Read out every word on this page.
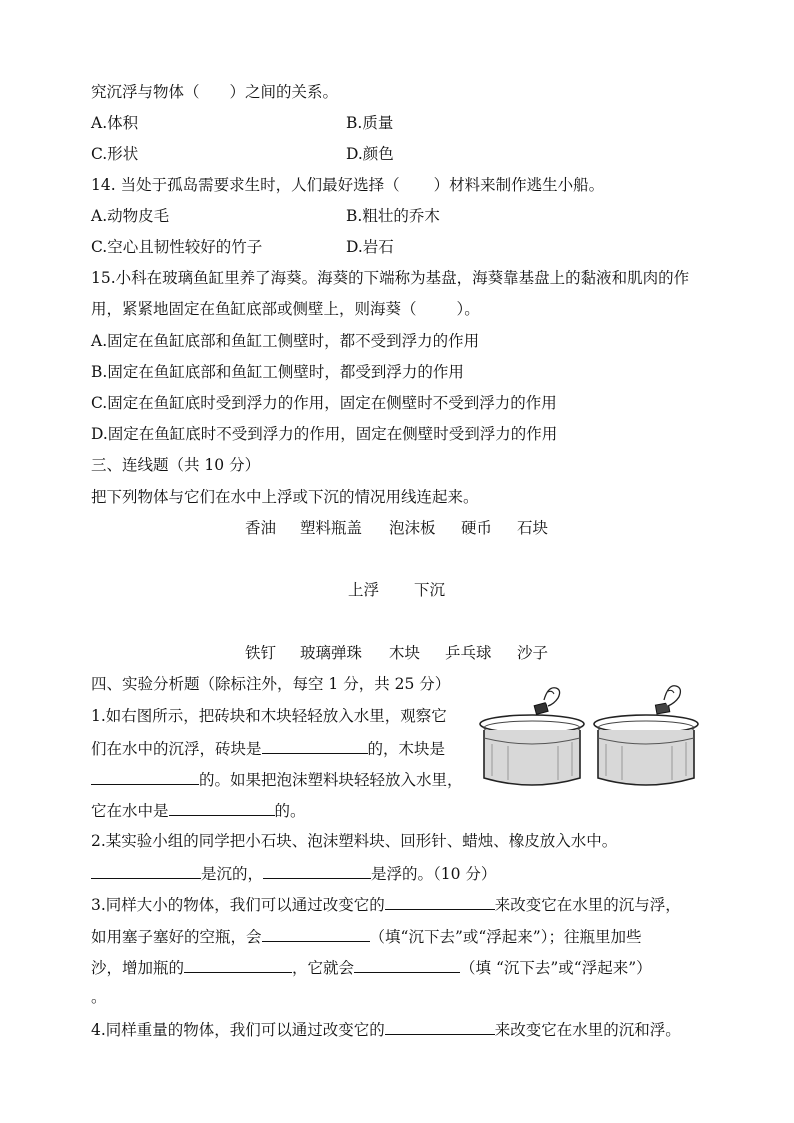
究沉浮与物体（ ）之间的关系。
A.体积	B.质量
C.形状	D.颜色
14. 当处于孤岛需要求生时，人们最好选择（ ）材料来制作逃生小船。
A.动物皮毛	B.粗壮的乔木
C.空心且韧性较好的竹子	D.岩石
15.小科在玻璃鱼缸里养了海葵。海葵的下端称为基盘，海葵靠基盘上的黏液和肌肉的作
用，紧紧地固定在鱼缸底部或侧壁上，则海葵（	）。
A.固定在鱼缸底部和鱼缸工侧壁时，都不受到浮力的作用
B.固定在鱼缸底部和鱼缸工侧壁时，都受到浮力的作用
C.固定在鱼缸底时受到浮力的作用，固定在侧壁时不受到浮力的作用
D.固定在鱼缸底时不受到浮力的作用，固定在侧壁时受到浮力的作用
三、连线题（共 10 分）
把下列物体与它们在水中上浮或下沉的情况用线连起来。
香油 塑料瓶盖 泡沫板 硬币 石块
上浮 下沉
铁钉 玻璃弹珠 木块 乒乓球 沙子
四、实验分析题（除标注外，每空 1 分，共 25 分）
1.如右图所示，把砖块和木块轻轻放入水里，观察它
们在水中的沉浮，砖块是	的，木块是
的。如果把泡沫塑料块轻轻放入水里，
它在水中是	的。
2.某实验小组的同学把小石块、泡沫塑料块、回形针、蜡烛、橡皮放入水中。
是沉的，	是浮的。（10 分）
3.同样大小的物体，我们可以通过改变它的	来改变它在水里的沉与浮，
如用塞子塞好的空瓶，会	（填“沉下去”或“浮起来”）；往瓶里加些
沙，增加瓶的	，它就会	（填 “沉下去”或“浮起来”）
。
4.同样重量的物体，我们可以通过改变它的	来改变它在水里的沉和浮。
